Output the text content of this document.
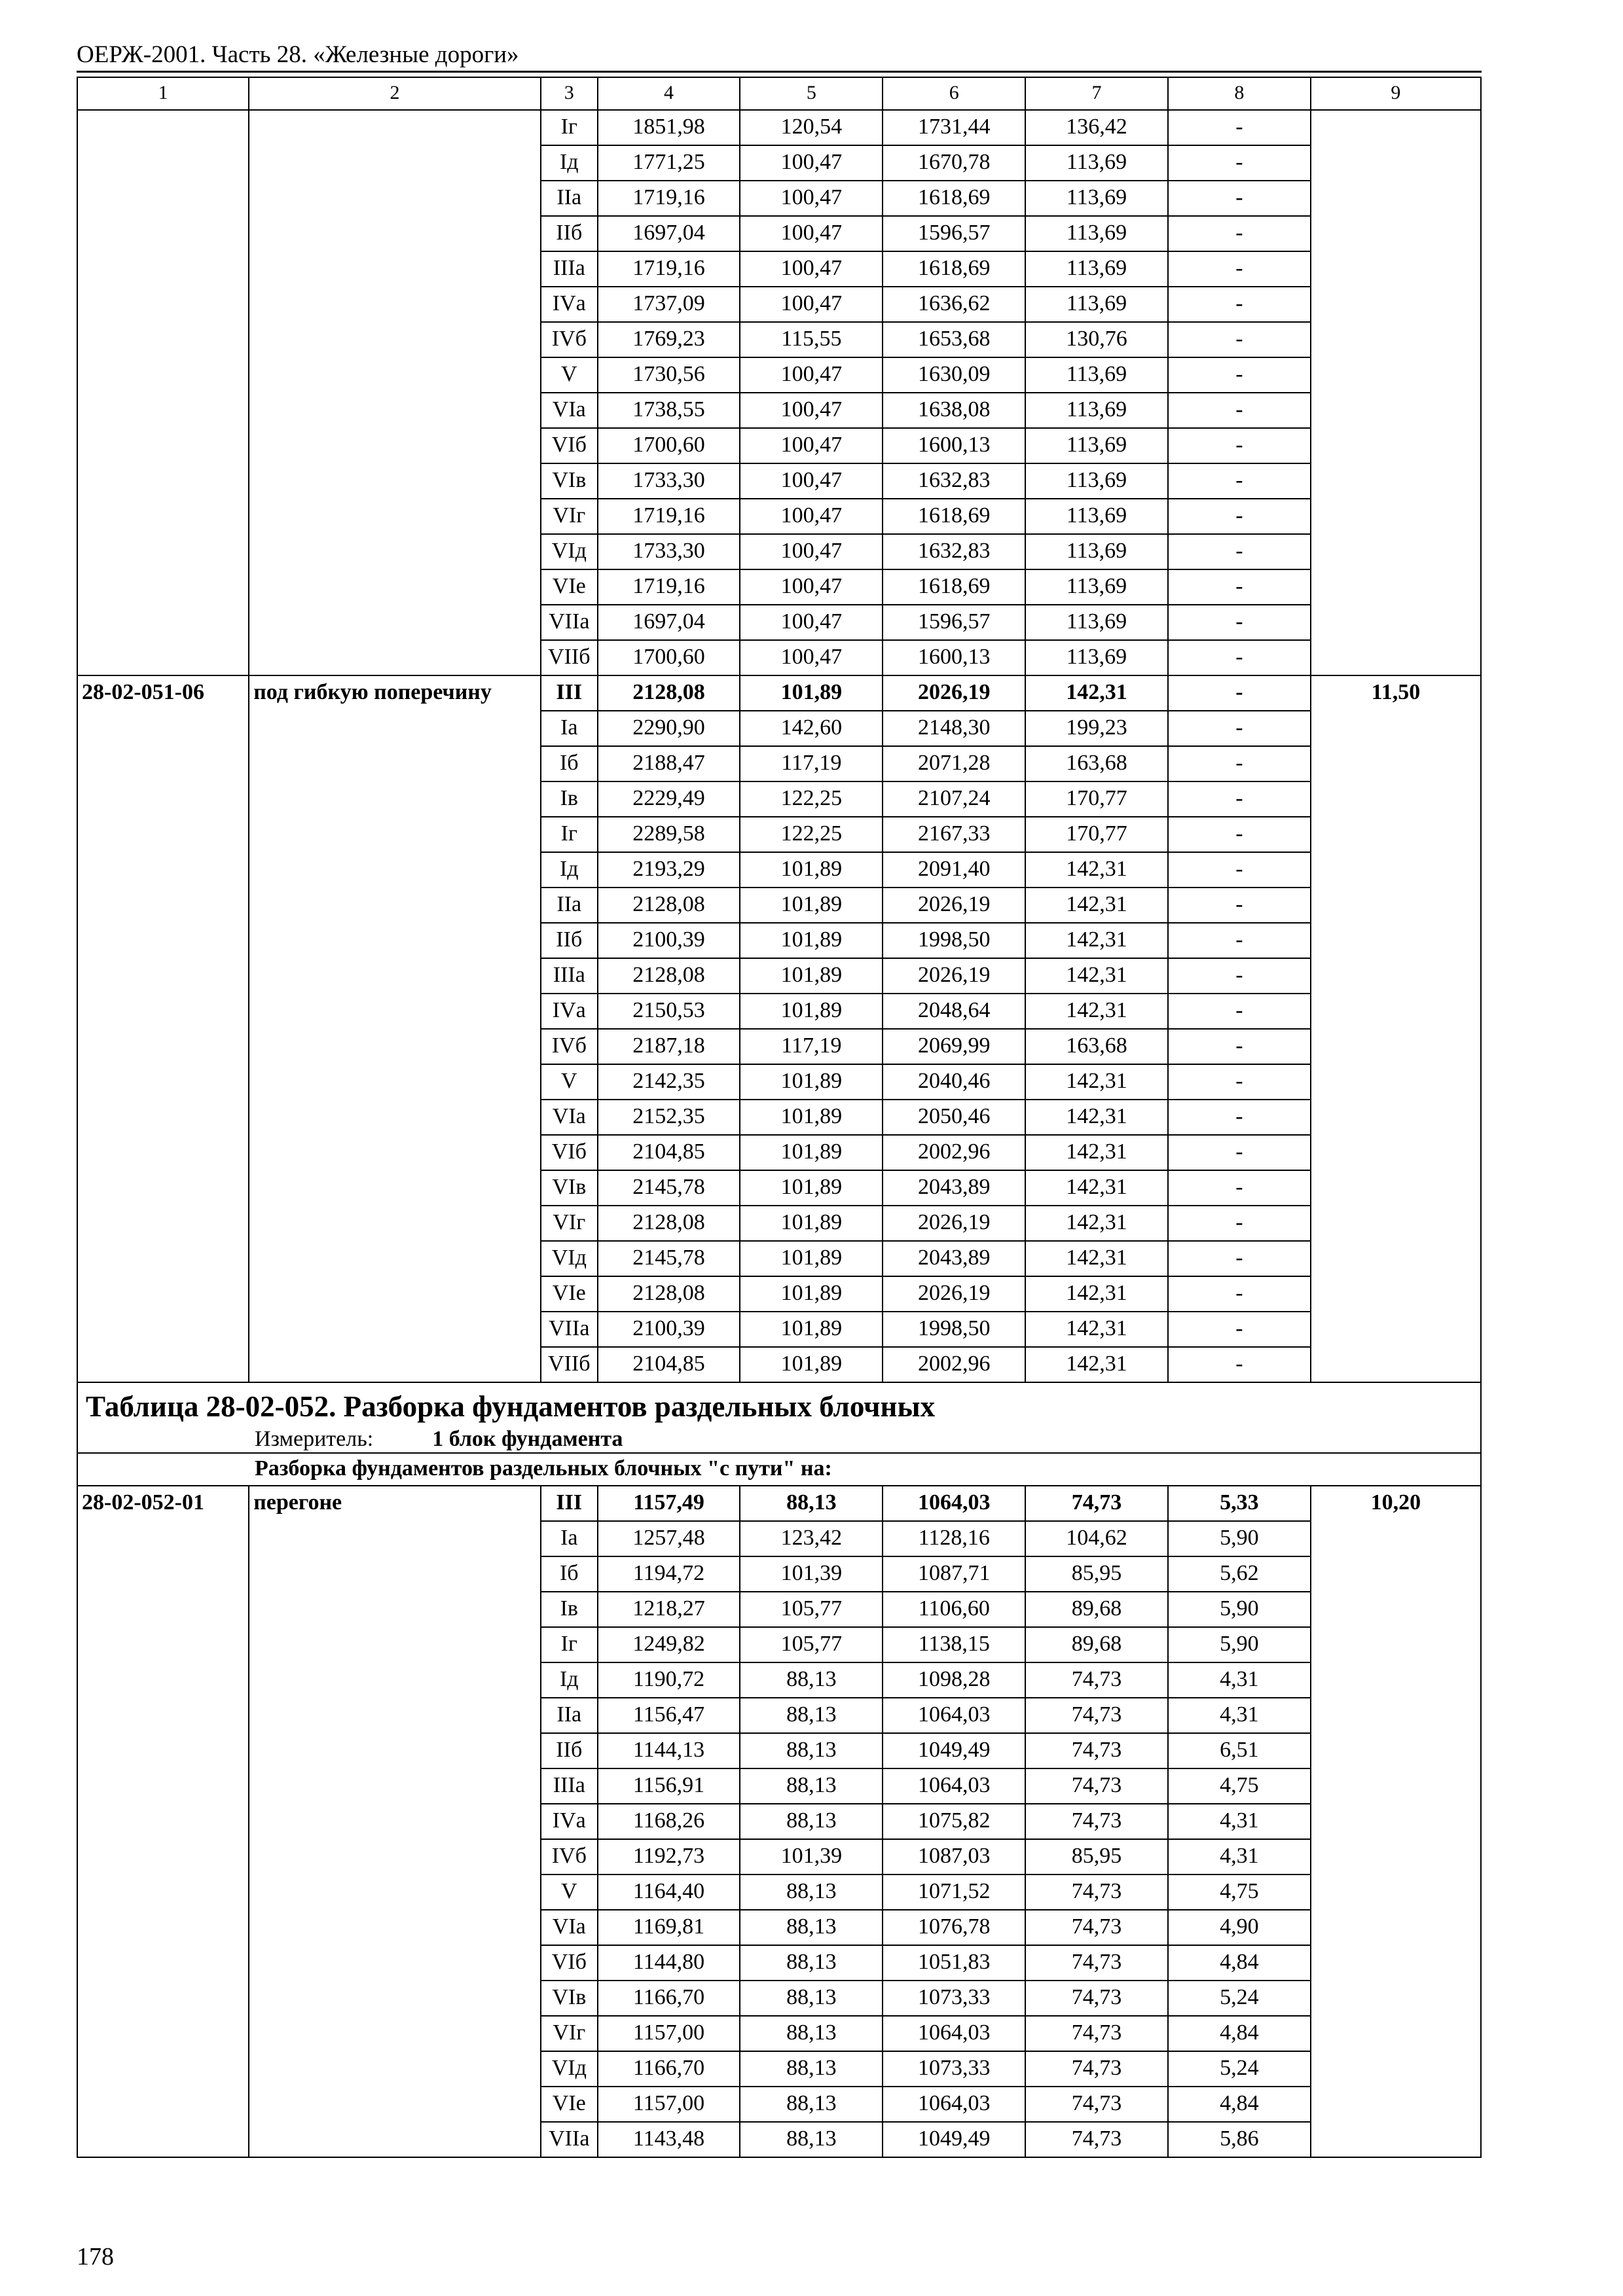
ОЕРЖ-2001. Часть 28. «Железные дороги»
1	2	3	4	5	6	7	8	9
		Iг	1851,98	120,54	1731,44	136,42	-	
		Iд	1771,25	100,47	1670,78	113,69	-	
		IIа	1719,16	100,47	1618,69	113,69	-	
		IIб	1697,04	100,47	1596,57	113,69	-	
		IIIа	1719,16	100,47	1618,69	113,69	-	
		IVа	1737,09	100,47	1636,62	113,69	-	
		IVб	1769,23	115,55	1653,68	130,76	-	
		V	1730,56	100,47	1630,09	113,69	-	
		VIа	1738,55	100,47	1638,08	113,69	-	
		VIб	1700,60	100,47	1600,13	113,69	-	
		VIв	1733,30	100,47	1632,83	113,69	-	
		VIг	1719,16	100,47	1618,69	113,69	-	
		VIд	1733,30	100,47	1632,83	113,69	-	
		VIе	1719,16	100,47	1618,69	113,69	-	
		VIIа	1697,04	100,47	1596,57	113,69	-	
		VIIб	1700,60	100,47	1600,13	113,69	-	
28-02-051-06	под гибкую поперечину	III	2128,08	101,89	2026,19	142,31	-	11,50
		Iа	2290,90	142,60	2148,30	199,23	-	
		Iб	2188,47	117,19	2071,28	163,68	-	
		Iв	2229,49	122,25	2107,24	170,77	-	
		Iг	2289,58	122,25	2167,33	170,77	-	
		Iд	2193,29	101,89	2091,40	142,31	-	
		IIа	2128,08	101,89	2026,19	142,31	-	
		IIб	2100,39	101,89	1998,50	142,31	-	
		IIIа	2128,08	101,89	2026,19	142,31	-	
		IVа	2150,53	101,89	2048,64	142,31	-	
		IVб	2187,18	117,19	2069,99	163,68	-	
		V	2142,35	101,89	2040,46	142,31	-	
		VIа	2152,35	101,89	2050,46	142,31	-	
		VIб	2104,85	101,89	2002,96	142,31	-	
		VIв	2145,78	101,89	2043,89	142,31	-	
		VIг	2128,08	101,89	2026,19	142,31	-	
		VIд	2145,78	101,89	2043,89	142,31	-	
		VIе	2128,08	101,89	2026,19	142,31	-	
		VIIа	2100,39	101,89	1998,50	142,31	-	
		VIIб	2104,85	101,89	2002,96	142,31	-	

Таблица 28-02-052. Разборка фундаментов раздельных блочных
Измеритель: 1 блок фундамента								

Разборка фундаментов раздельных блочных "с пути" на:								
28-02-052-01	перегоне	III	1157,49	88,13	1064,03	74,73	5,33	10,20
		Iа	1257,48	123,42	1128,16	104,62	5,90	
		Iб	1194,72	101,39	1087,71	85,95	5,62	
		Iв	1218,27	105,77	1106,60	89,68	5,90	
		Iг	1249,82	105,77	1138,15	89,68	5,90	
		Iд	1190,72	88,13	1098,28	74,73	4,31	
		IIа	1156,47	88,13	1064,03	74,73	4,31	
		IIб	1144,13	88,13	1049,49	74,73	6,51	
		IIIа	1156,91	88,13	1064,03	74,73	4,75	
		IVа	1168,26	88,13	1075,82	74,73	4,31	
		IVб	1192,73	101,39	1087,03	85,95	4,31	
		V	1164,40	88,13	1071,52	74,73	4,75	
		VIа	1169,81	88,13	1076,78	74,73	4,90	
		VIб	1144,80	88,13	1051,83	74,73	4,84	
		VIв	1166,70	88,13	1073,33	74,73	5,24	
		VIг	1157,00	88,13	1064,03	74,73	4,84	
		VIд	1166,70	88,13	1073,33	74,73	5,24	
		VIе	1157,00	88,13	1064,03	74,73	4,84	
		VIIа	1143,48	88,13	1049,49	74,73	5,86	
178
